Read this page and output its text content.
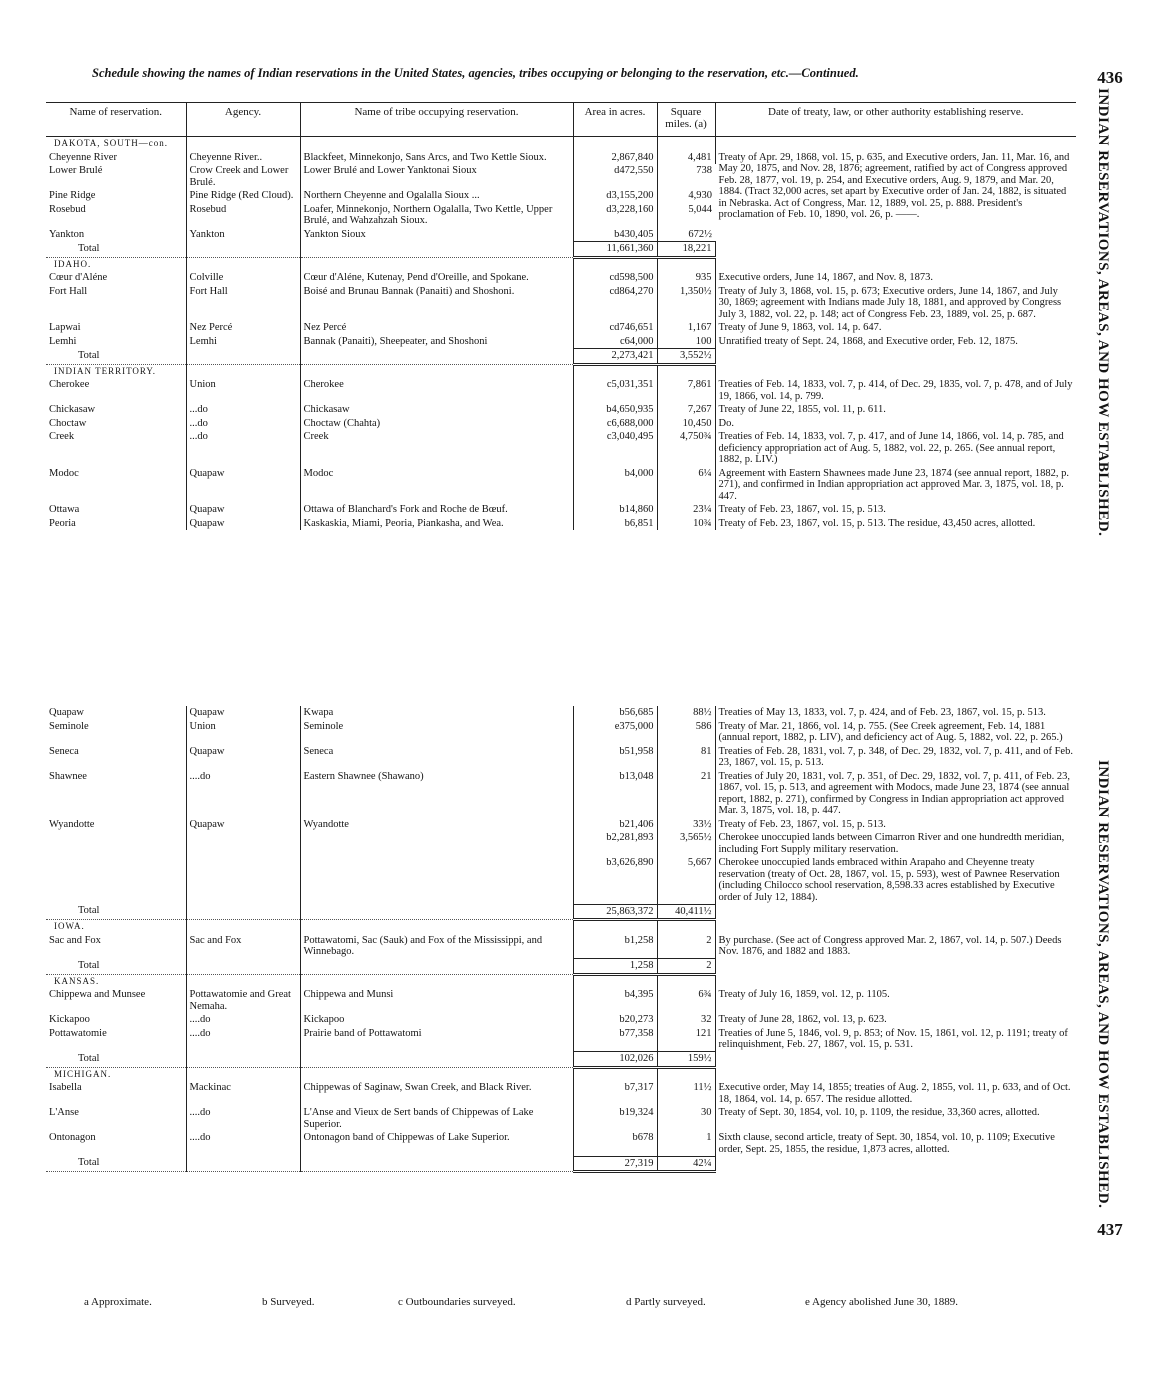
Schedule showing the names of Indian reservations in the United States, agencies, tribes occupying or belonging to the reservation, etc.—Continued.	436
INDIAN RESERVATIONS, AREAS, AND HOW ESTABLISHED.
INDIAN RESERVATIONS, AREAS, AND HOW ESTABLISHED.
437
Name of reservation.	Agency.	Name of tribe occupying reservation.	Area in acres.	Square miles. (a)	Date of treaty, law, or other authority establishing reserve.
DAKOTA, SOUTH—con.					
Cheyenne River	Cheyenne River..	Blackfeet, Minnekonjo, Sans Arcs, and Two Kettle Sioux.	2,867,840	4,481	Treaty of Apr. 29, 1868, vol. 15, p. 635, and Executive orders, Jan. 11, Mar. 16, and May 20, 1875, and Nov. 28, 1876; agreement, ratified by act of Congress approved Feb. 28, 1877, vol. 19, p. 254, and Executive orders, Aug. 9, 1879, and Mar. 20, 1884. (Tract 32,000 acres, set apart by Executive order of Jan. 24, 1882, is situated in Nebraska. Act of Congress, Mar. 12, 1889, vol. 25, p. 888. President's proclamation of Feb. 10, 1890, vol. 26, p. ——.
Lower Brulé	Crow Creek and Lower Brulé.	Lower Brulé and Lower Yanktonai Sioux	d472,550	738	
Pine Ridge	Pine Ridge (Red Cloud).	Northern Cheyenne and Ogalalla Sioux ...	d3,155,200	4,930	
Rosebud	Rosebud	Loafer, Minnekonjo, Northern Ogalalla, Two Kettle, Upper Brulé, and Wahzahzah Sioux.	d3,228,160	5,044	
Yankton	Yankton	Yankton Sioux	b430,405	672½	
Total			11,661,360	18,221	
IDAHO.					
Cœur d'Aléne	Colville	Cœur d'Aléne, Kutenay, Pend d'Oreille, and Spokane.	cd598,500	935	Executive orders, June 14, 1867, and Nov. 8, 1873.
Fort Hall	Fort Hall	Boisé and Brunau Bannak (Panaiti) and Shoshoni.	cd864,270	1,350½	Treaty of July 3, 1868, vol. 15, p. 673; Executive orders, June 14, 1867, and July 30, 1869; agreement with Indians made July 18, 1881, and approved by Congress July 3, 1882, vol. 22, p. 148; act of Congress Feb. 23, 1889, vol. 25, p. 687.
Lapwai	Nez Percé	Nez Percé	cd746,651	1,167	Treaty of June 9, 1863, vol. 14, p. 647.
Lemhi	Lemhi	Bannak (Panaiti), Sheepeater, and Shoshoni	c64,000	100	Unratified treaty of Sept. 24, 1868, and Executive order, Feb. 12, 1875.
Total			2,273,421	3,552½	
INDIAN TERRITORY.					
Cherokee	Union	Cherokee	c5,031,351	7,861	Treaties of Feb. 14, 1833, vol. 7, p. 414, of Dec. 29, 1835, vol. 7, p. 478, and of July 19, 1866, vol. 14, p. 799.
Chickasaw	...do	Chickasaw	b4,650,935	7,267	Treaty of June 22, 1855, vol. 11, p. 611.
Choctaw	...do	Choctaw (Chahta)	c6,688,000	10,450	Do.
Creek	...do	Creek	c3,040,495	4,750¾	Treaties of Feb. 14, 1833, vol. 7, p. 417, and of June 14, 1866, vol. 14, p. 785, and deficiency appropriation act of Aug. 5, 1882, vol. 22, p. 265. (See annual report, 1882, p. LIV.)
Modoc	Quapaw	Modoc	b4,000	6¼	Agreement with Eastern Shawnees made June 23, 1874 (see annual report, 1882, p. 271), and confirmed in Indian appropriation act approved Mar. 3, 1875, vol. 18, p. 447.
Ottawa	Quapaw	Ottawa of Blanchard's Fork and Roche de Bœuf.	b14,860	23¼	Treaty of Feb. 23, 1867, vol. 15, p. 513.
Peoria	Quapaw	Kaskaskia, Miami, Peoria, Piankasha, and Wea.	b6,851	10¾	Treaty of Feb. 23, 1867, vol. 15, p. 513. The residue, 43,450 acres, allotted.
Quapaw	Quapaw	Kwapa	b56,685	88½	Treaties of May 13, 1833, vol. 7, p. 424, and of Feb. 23, 1867, vol. 15, p. 513.
Seminole	Union	Seminole	e375,000	586	Treaty of Mar. 21, 1866, vol. 14, p. 755. (See Creek agreement, Feb. 14, 1881 (annual report, 1882, p. LIV), and deficiency act of Aug. 5, 1882, vol. 22, p. 265.)
Seneca	Quapaw	Seneca	b51,958	81	Treaties of Feb. 28, 1831, vol. 7, p. 348, of Dec. 29, 1832, vol. 7, p. 411, and of Feb. 23, 1867, vol. 15, p. 513.
Shawnee	....do	Eastern Shawnee (Shawano)	b13,048	21	Treaties of July 20, 1831, vol. 7, p. 351, of Dec. 29, 1832, vol. 7, p. 411, of Feb. 23, 1867, vol. 15, p. 513, and agreement with Modocs, made June 23, 1874 (see annual report, 1882, p. 271), confirmed by Congress in Indian appropriation act approved Mar. 3, 1875, vol. 18, p. 447.
Wyandotte	Quapaw	Wyandotte	b21,406	33½	Treaty of Feb. 23, 1867, vol. 15, p. 513.
			b2,281,893	3,565½	Cherokee unoccupied lands between Cimarron River and one hundredth meridian, including Fort Supply military reservation.
			b3,626,890	5,667	Cherokee unoccupied lands embraced within Arapaho and Cheyenne treaty reservation (treaty of Oct. 28, 1867, vol. 15, p. 593), west of Pawnee Reservation (including Chilocco school reservation, 8,598.33 acres established by Executive order of July 12, 1884).
Total			25,863,372	40,411½	
IOWA.					
Sac and Fox	Sac and Fox	Pottawatomi, Sac (Sauk) and Fox of the Mississippi, and Winnebago.	b1,258	2	By purchase. (See act of Congress approved Mar. 2, 1867, vol. 14, p. 507.) Deeds Nov. 1876, and 1882 and 1883.
Total			1,258	2	
KANSAS.					
Chippewa and Munsee	Pottawatomie and Great Nemaha.	Chippewa and Munsi	b4,395	6¾	Treaty of July 16, 1859, vol. 12, p. 1105.
Kickapoo	....do	Kickapoo	b20,273	32	Treaty of June 28, 1862, vol. 13, p. 623.
Pottawatomie	....do	Prairie band of Pottawatomi	b77,358	121	Treaties of June 5, 1846, vol. 9, p. 853; of Nov. 15, 1861, vol. 12, p. 1191; treaty of relinquishment, Feb. 27, 1867, vol. 15, p. 531.
Total			102,026	159½	
MICHIGAN.					
Isabella	Mackinac	Chippewas of Saginaw, Swan Creek, and Black River.	b7,317	11½	Executive order, May 14, 1855; treaties of Aug. 2, 1855, vol. 11, p. 633, and of Oct. 18, 1864, vol. 14, p. 657. The residue allotted.
L'Anse	....do	L'Anse and Vieux de Sert bands of Chippewas of Lake Superior.	b19,324	30	Treaty of Sept. 30, 1854, vol. 10, p. 1109, the residue, 33,360 acres, allotted.
Ontonagon	....do	Ontonagon band of Chippewas of Lake Superior.	b678	1	Sixth clause, second article, treaty of Sept. 30, 1854, vol. 10, p. 1109; Executive order, Sept. 25, 1855, the residue, 1,873 acres, allotted.
Total			27,319	42¼	
a Approximate.	b Surveyed.	c Outboundaries surveyed.	d Partly surveyed.	e Agency abolished June 30, 1889.
